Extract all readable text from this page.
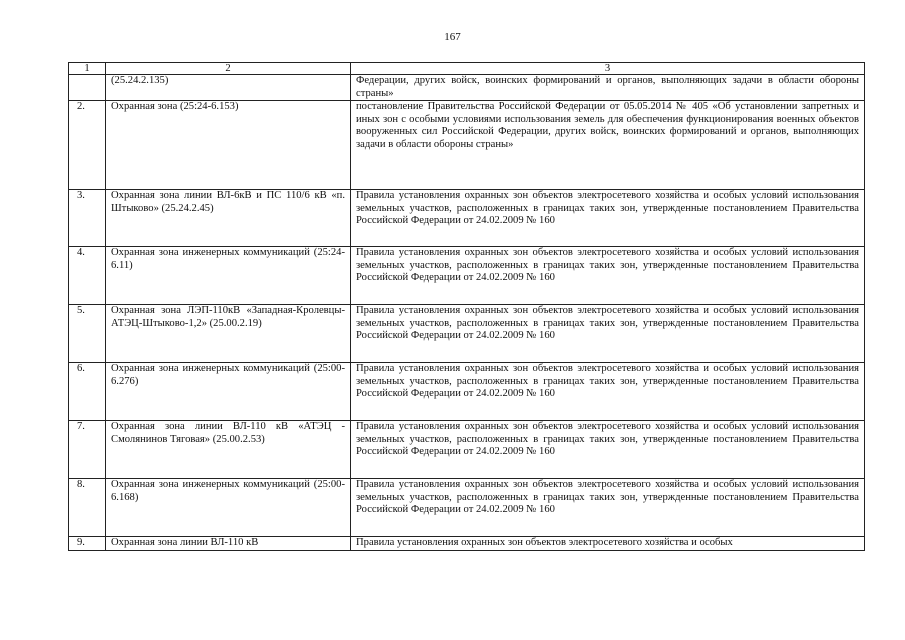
167
1	2	3
	(25.24.2.135)	Федерации, других войск, воинских формирований и органов, выполняющих задачи в области обороны страны»
2.	Охранная зона (25:24-6.153)	постановление Правительства Российской Федерации от 05.05.2014 № 405 «Об установлении запретных и иных зон с особыми условиями использования земель для обеспечения функционирования военных объектов вооруженных сил Российской Федерации, других войск, воинских формирований и органов, выполняющих задачи в области обороны страны»
3.	Охранная зона линии ВЛ-6кВ и ПС 110/6 кВ «п. Штыково» (25.24.2.45)	Правила установления охранных зон объектов электросетевого хозяйства и особых условий использования земельных участков, расположенных в границах таких зон, утвержденные постановлением Правительства Российской Федерации от 24.02.2009 № 160
4.	Охранная зона инженерных коммуникаций (25:24-6.11)	Правила установления охранных зон объектов электросетевого хозяйства и особых условий использования земельных участков, расположенных в границах таких зон, утвержденные постановлением Правительства Российской Федерации от 24.02.2009 № 160
5.	Охранная зона ЛЭП-110кВ «Западная-Кролевцы-АТЭЦ-Штыково-1,2» (25.00.2.19)	Правила установления охранных зон объектов электросетевого хозяйства и особых условий использования земельных участков, расположенных в границах таких зон, утвержденные постановлением Правительства Российской Федерации от 24.02.2009 № 160
6.	Охранная зона инженерных коммуникаций (25:00-6.276)	Правила установления охранных зон объектов электросетевого хозяйства и особых условий использования земельных участков, расположенных в границах таких зон, утвержденные постановлением Правительства Российской Федерации от 24.02.2009 № 160
7.	Охранная зона линии ВЛ-110 кВ «АТЭЦ - Смолянинов Тяговая» (25.00.2.53)	Правила установления охранных зон объектов электросетевого хозяйства и особых условий использования земельных участков, расположенных в границах таких зон, утвержденные постановлением Правительства Российской Федерации от 24.02.2009 № 160
8.	Охранная зона инженерных коммуникаций (25:00-6.168)	Правила установления охранных зон объектов электросетевого хозяйства и особых условий использования земельных участков, расположенных в границах таких зон, утвержденные постановлением Правительства Российской Федерации от 24.02.2009 № 160
9.	Охранная зона линии ВЛ-110 кВ	Правила установления охранных зон объектов электросетевого хозяйства и особых
